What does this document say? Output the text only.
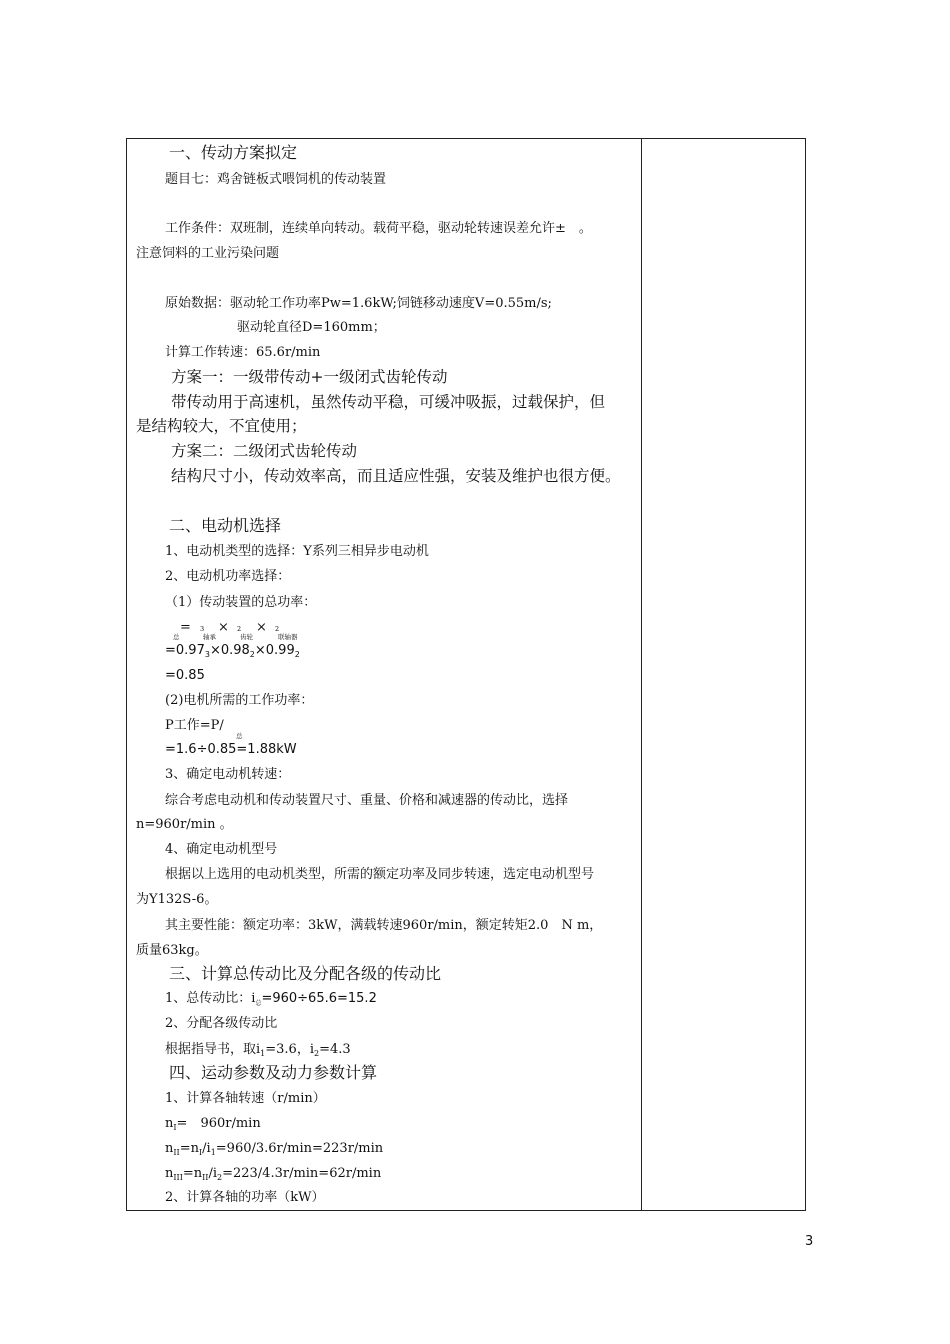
一、传动方案拟定
题目七：鸡舍链板式喂饲机的传动装置
工作条件：双班制，连续单向转动。载荷平稳，驱动轮转速误差允许±　。
注意饲料的工业污染问题
原始数据：驱动轮工作功率Pw=1.6kW;饲链移动速度V=0.55m/s;
驱动轮直径D=160mm；
计算工作转速：65.6r/min
方案一：一级带传动+一级闭式齿轮传动
带传动用于高速机，虽然传动平稳，可缓冲吸振，过载保护，但
是结构较大，不宜使用；
方案二：二级闭式齿轮传动
结构尺寸小，传动效率高，而且适应性强，安装及维护也很方便。
二、电动机选择
1、电动机类型的选择：Y系列三相异步电动机
2、电动机功率选择：
（1）传动装置的总功率：
= 3 × 2 × 2
总	轴承	齿轮	联轴器
$=0.97_3\times 0.98_2\times 0.99_2$
=0.85
(2)电机所需的工作功率：
P工作=P/
总
=1.6÷0.85=1.88kW
3、确定电动机转速：
综合考虑电动机和传动装置尺寸、重量、价格和减速器的传动比，选择
n=960r/min 。
4、确定电动机型号
根据以上选用的电动机类型，所需的额定功率及同步转速，选定电动机型号
为Y132S-6。
其主要性能：额定功率：3kW，满载转速960r/min，额定转矩2.0　N m，
质量63kg。
三、计算总传动比及分配各级的传动比
1、总传动比：$i_总=960\div 65.6=15.2$
2、分配各级传动比
根据指导书，取$i_1=3.6$，$i_2=4.3$
四、运动参数及动力参数计算
1、计算各轴转速（r/min）
$n_I=$ 960r/min
$n_{II}=n_I/i_1=960/3.6r/\min=223r/\min$
$n_{III}=n_{II}/i_2=223/4.3r/\min=62r/\min$
2、计算各轴的功率（kW）
3
